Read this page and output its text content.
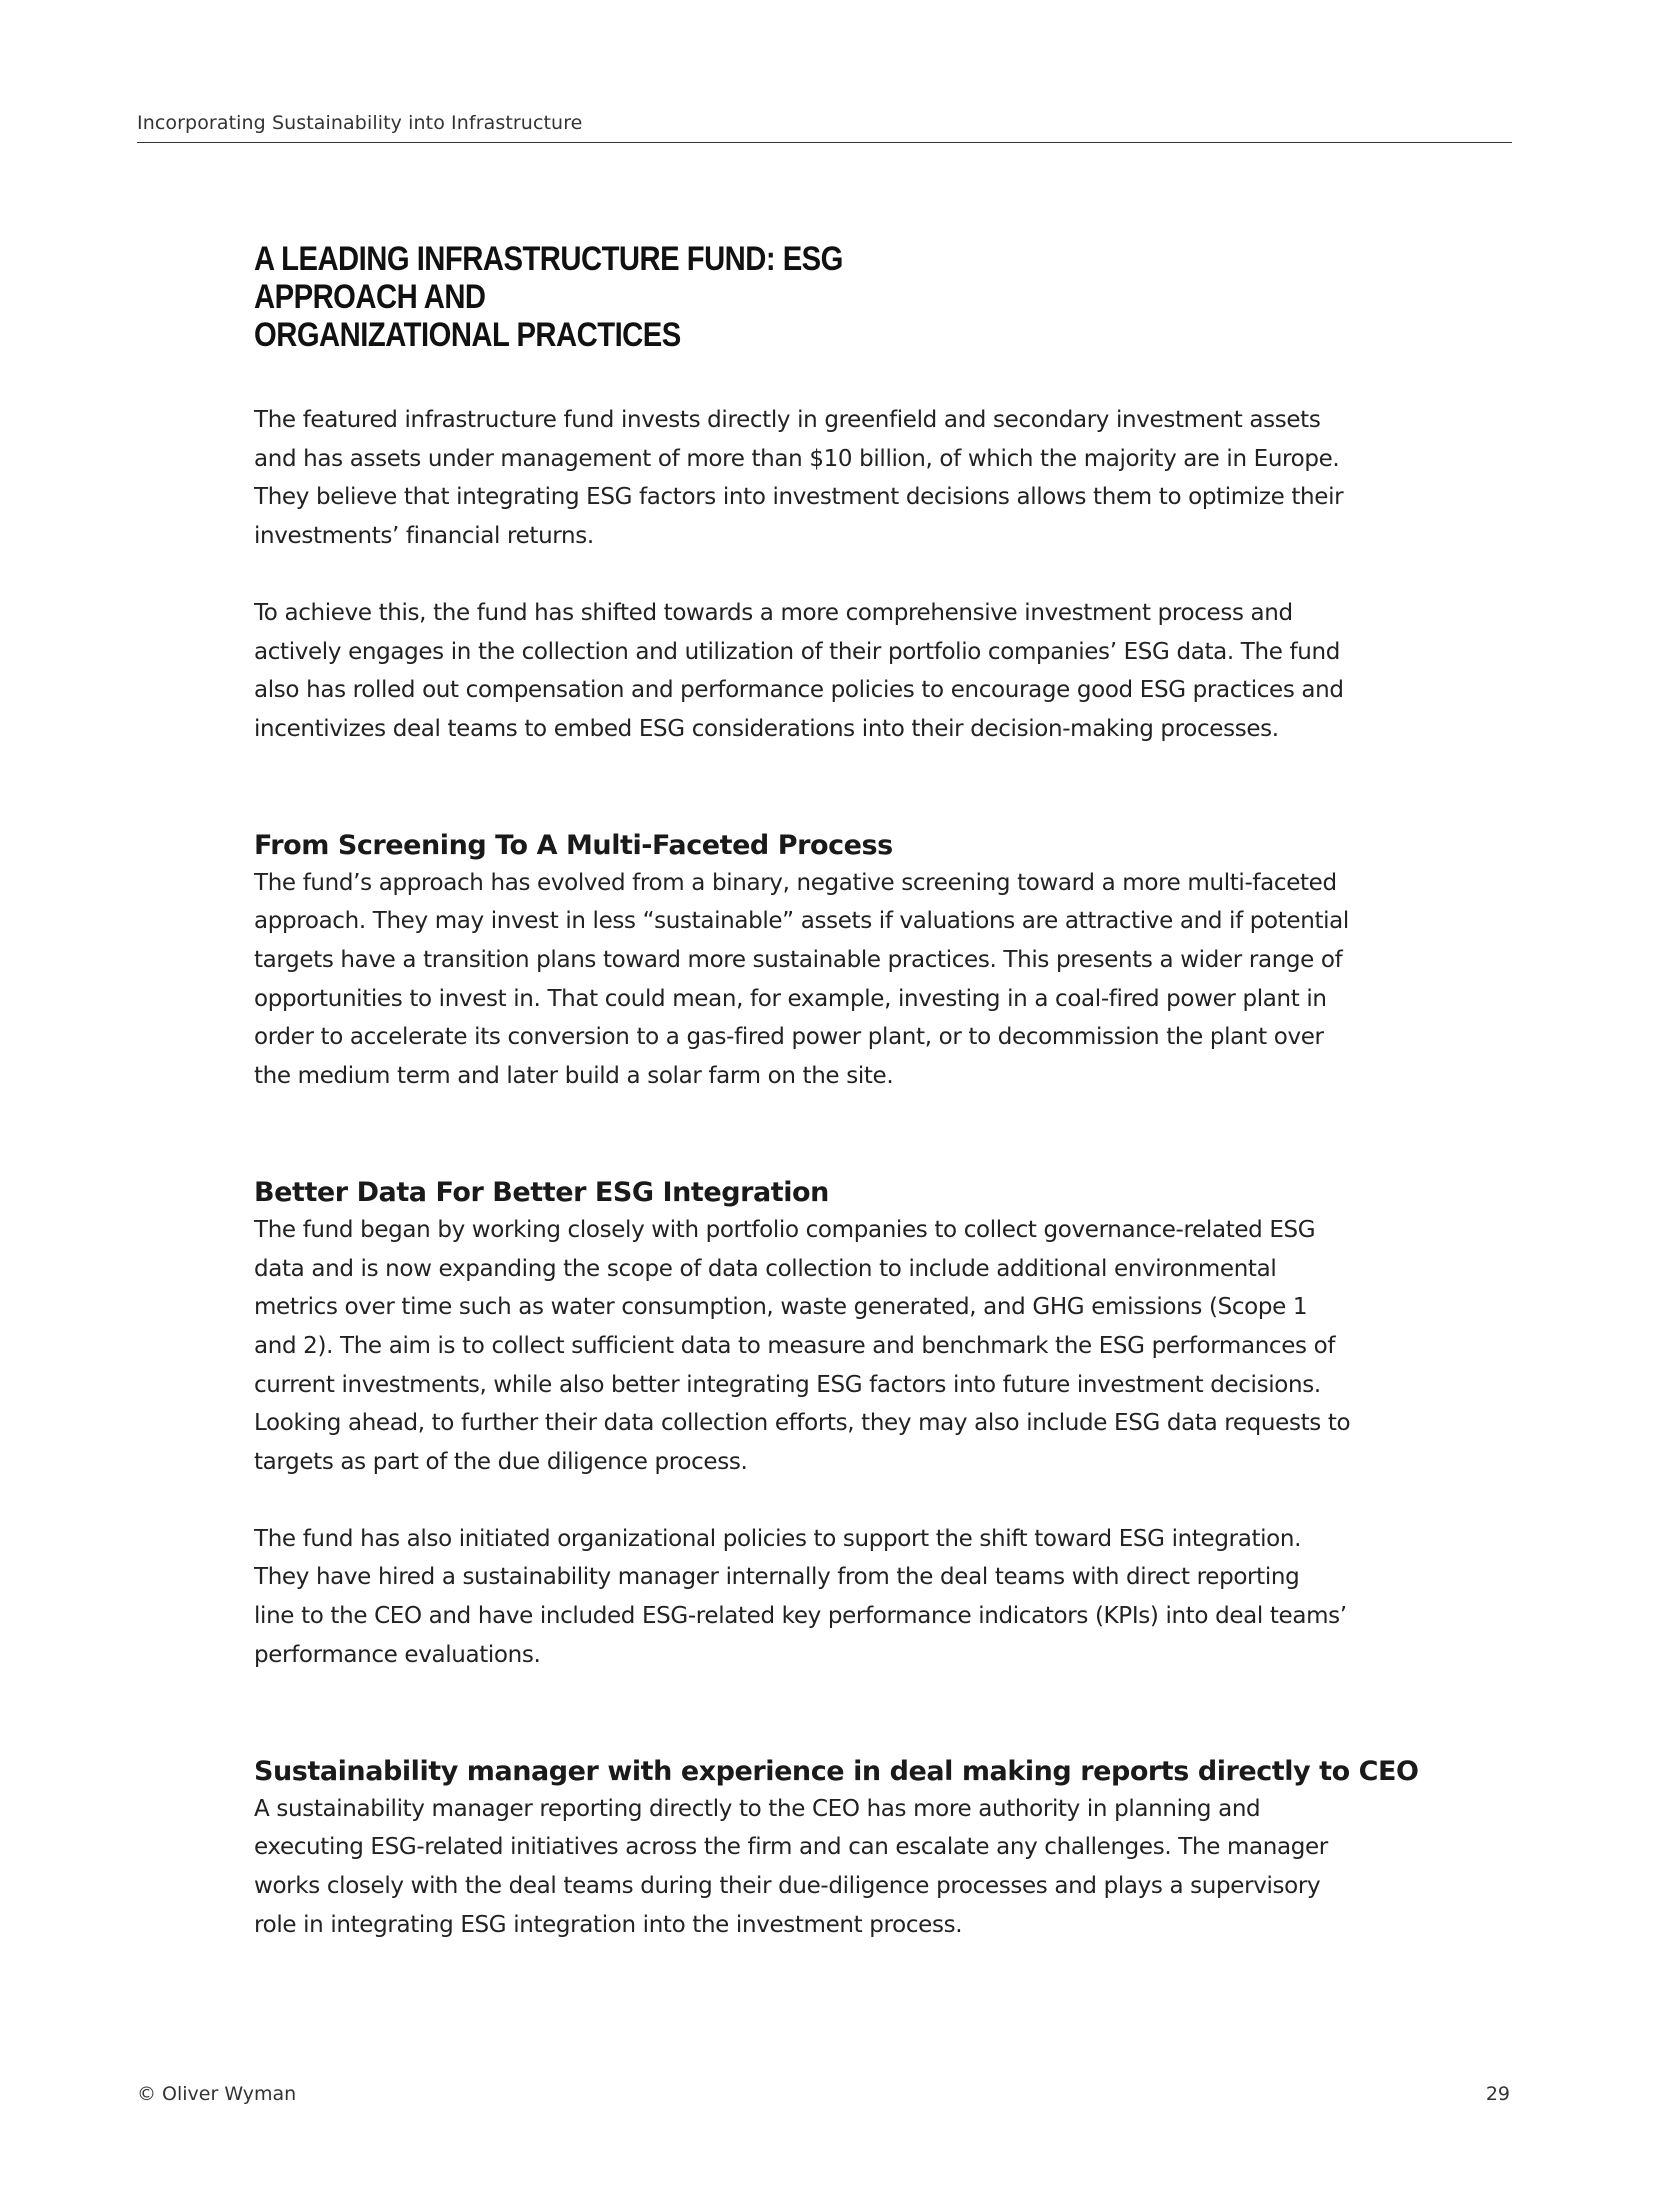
Incorporating Sustainability into Infrastructure
A LEADING INFRASTRUCTURE FUND: ESG APPROACH AND
ORGANIZATIONAL PRACTICES

The featured infrastructure fund invests directly in greenfield and secondary investment assets
and has assets under management of more than $10 billion, of which the majority are in Europe.
They believe that integrating ESG factors into investment decisions allows them to optimize their
investments’ financial returns.

To achieve this, the fund has shifted towards a more comprehensive investment process and
actively engages in the collection and utilization of their portfolio companies’ ESG data. The fund
also has rolled out compensation and performance policies to encourage good ESG practices and
incentivizes deal teams to embed ESG considerations into their decision-making processes.

From Screening To A Multi-Faceted Process

The fund’s approach has evolved from a binary, negative screening toward a more multi-faceted
approach. They may invest in less “sustainable” assets if valuations are attractive and if potential
targets have a transition plans toward more sustainable practices. This presents a wider range of
opportunities to invest in. That could mean, for example, investing in a coal-fired power plant in
order to accelerate its conversion to a gas-fired power plant, or to decommission the plant over
the medium term and later build a solar farm on the site.

Better Data For Better ESG Integration

The fund began by working closely with portfolio companies to collect governance-related ESG
data and is now expanding the scope of data collection to include additional environmental
metrics over time such as water consumption, waste generated, and GHG emissions (Scope 1
and 2). The aim is to collect sufficient data to measure and benchmark the ESG performances of
current investments, while also better integrating ESG factors into future investment decisions.
Looking ahead, to further their data collection efforts, they may also include ESG data requests to
targets as part of the due diligence process.

The fund has also initiated organizational policies to support the shift toward ESG integration.
They have hired a sustainability manager internally from the deal teams with direct reporting
line to the CEO and have included ESG-related key performance indicators (KPIs) into deal teams’
performance evaluations.

Sustainability manager with experience in deal making reports directly to CEO

A sustainability manager reporting directly to the CEO has more authority in planning and
executing ESG-related initiatives across the firm and can escalate any challenges. The manager
works closely with the deal teams during their due-diligence processes and plays a supervisory
role in integrating ESG integration into the investment process.

© Oliver Wyman	29
